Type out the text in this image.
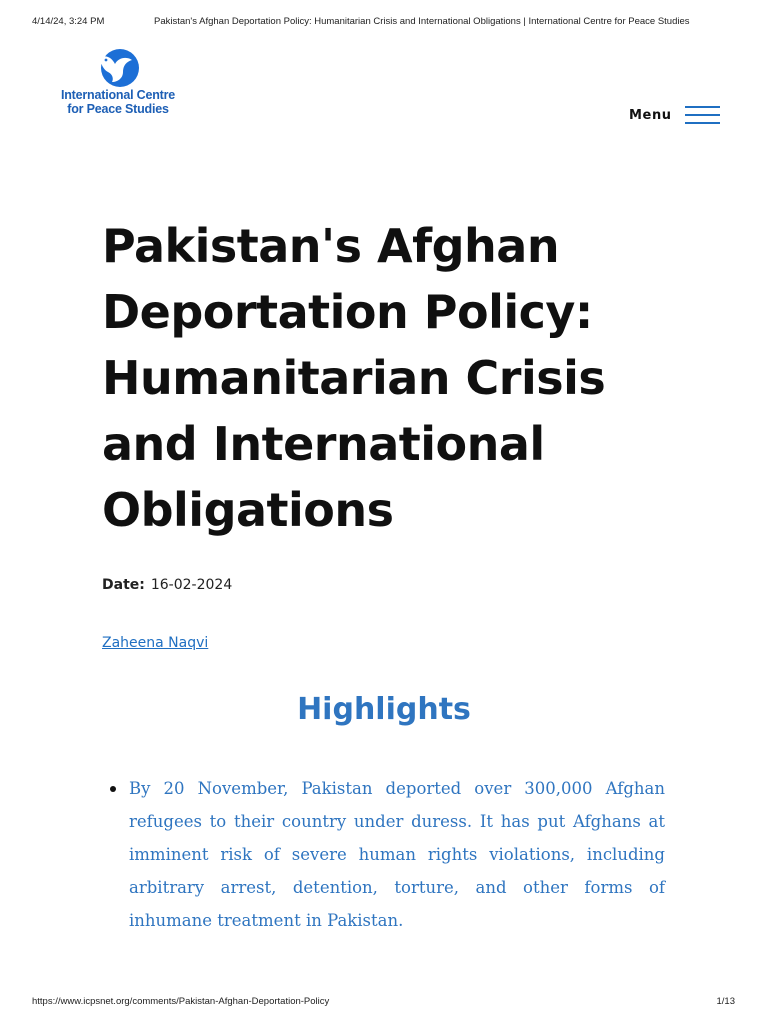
4/14/24, 3:24 PM	Pakistan's Afghan Deportation Policy: Humanitarian Crisis and International Obligations | International Centre for Peace Studies
International Centre
for Peace Studies	Menu
Pakistan's Afghan Deportation Policy: Humanitarian Crisis and International Obligations
Date: 16-02-2024
Zaheena Naqvi
Highlights
By 20 November, Pakistan deported over 300,000 Afghan refugees to their country under duress. It has put Afghans at imminent risk of severe human rights violations, including arbitrary arrest, detention, torture, and other forms of inhumane treatment in Pakistan.
https://www.icpsnet.org/comments/Pakistan-Afghan-Deportation-Policy	1/13
